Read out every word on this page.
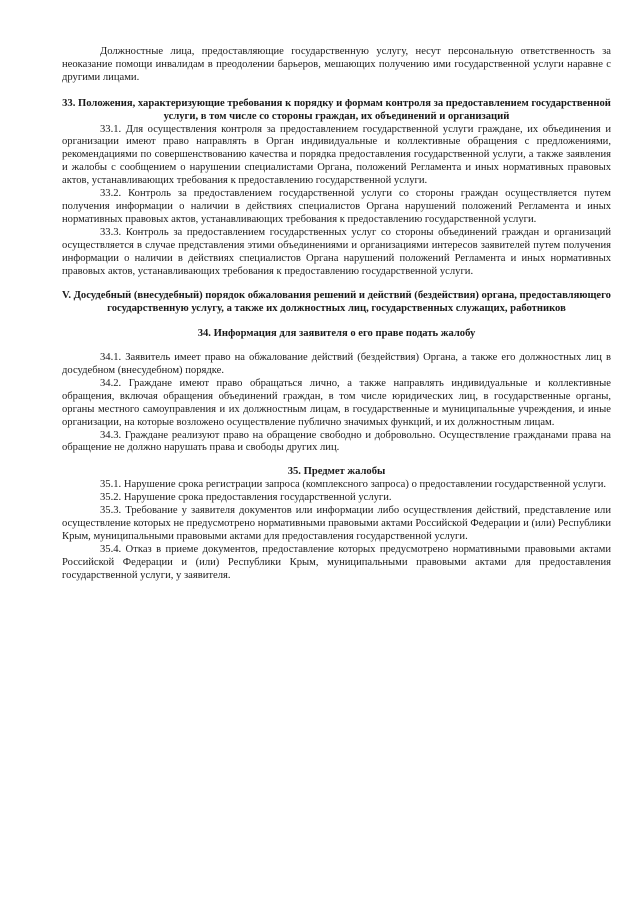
Должностные лица, предоставляющие государственную услугу, несут персональную ответственность за неоказание помощи инвалидам в преодолении барьеров, мешающих получению ими государственной услуги наравне с другими лицами.

33. Положения, характеризующие требования к порядку и формам контроля за предоставлением государственной услуги, в том числе со стороны граждан, их объединений и организаций

33.1. Для осуществления контроля за предоставлением государственной услуги граждане, их объединения и организации имеют право направлять в Орган индивидуальные и коллективные обращения с предложениями, рекомендациями по совершенствованию качества и порядка предоставления государственной услуги, а также заявления и жалобы с сообщением о нарушении специалистами Органа, положений Регламента и иных нормативных правовых актов, устанавливающих требования к предоставлению государственной услуги.

33.2. Контроль за предоставлением государственной услуги со стороны граждан осуществляется путем получения информации о наличии в действиях специалистов Органа нарушений положений Регламента и иных нормативных правовых актов, устанавливающих требования к предоставлению государственной услуги.

33.3. Контроль за предоставлением государственных услуг со стороны объединений граждан и организаций осуществляется в случае представления этими объединениями и организациями интересов заявителей путем получения информации о наличии в действиях специалистов Органа нарушений положений Регламента и иных нормативных правовых актов, устанавливающих требования к предоставлению государственной услуги.

V. Досудебный (внесудебный) порядок обжалования решений и действий (бездействия) органа, предоставляющего государственную услугу, а также их должностных лиц, государственных служащих, работников

34. Информация для заявителя о его праве подать жалобу

34.1. Заявитель имеет право на обжалование действий (бездействия) Органа, а также его должностных лиц в досудебном (внесудебном) порядке.

34.2. Граждане имеют право обращаться лично, а также направлять индивидуальные и коллективные обращения, включая обращения объединений граждан, в том числе юридических лиц, в государственные органы, органы местного самоуправления и их должностным лицам, в государственные и муниципальные учреждения, и иные организации, на которые возложено осуществление публично значимых функций, и их должностным лицам.

34.3. Граждане реализуют право на обращение свободно и добровольно. Осуществление гражданами права на обращение не должно нарушать права и свободы других лиц.

35. Предмет жалобы

35.1. Нарушение срока регистрации запроса (комплексного запроса) о предоставлении государственной услуги.

35.2. Нарушение срока предоставления государственной услуги.

35.3. Требование у заявителя документов или информации либо осуществления действий, представление или осуществление которых не предусмотрено нормативными правовыми актами Российской Федерации и (или) Республики Крым, муниципальными правовыми актами для предоставления государственной услуги.

35.4. Отказ в приеме документов, предоставление которых предусмотрено нормативными правовыми актами Российской Федерации и (или) Республики Крым, муниципальными правовыми актами для предоставления государственной услуги, у заявителя.
